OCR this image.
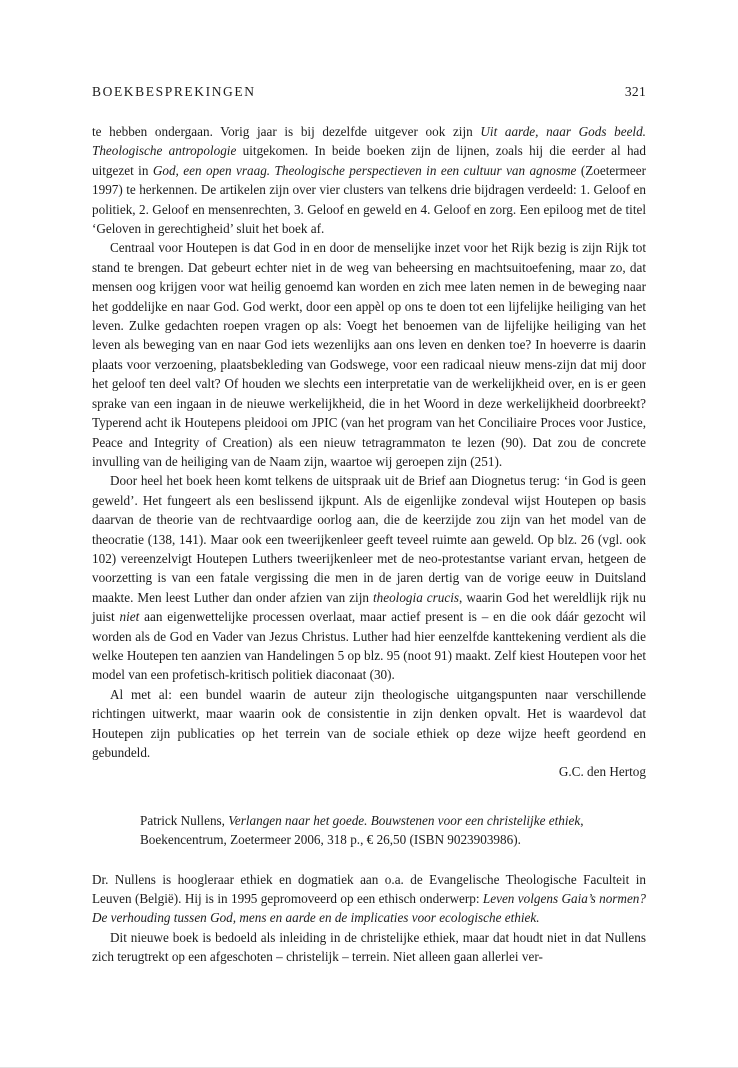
BOEKBESPREKINGEN	321

te hebben ondergaan. Vorig jaar is bij dezelfde uitgever ook zijn Uit aarde, naar Gods beeld. Theologische antropologie uitgekomen. In beide boeken zijn de lijnen, zoals hij die eerder al had uitgezet in God, een open vraag. Theologische perspectieven in een cultuur van agnosme (Zoetermeer 1997) te herkennen. De artikelen zijn over vier clusters van telkens drie bijdragen verdeeld: 1. Geloof en politiek, 2. Geloof en mensenrechten, 3. Geloof en geweld en 4. Geloof en zorg. Een epiloog met de titel ‘Geloven in gerechtigheid’ sluit het boek af.

Centraal voor Houtepen is dat God in en door de menselijke inzet voor het Rijk bezig is zijn Rijk tot stand te brengen. Dat gebeurt echter niet in de weg van beheersing en machtsuitoefening, maar zo, dat mensen oog krijgen voor wat heilig genoemd kan worden en zich mee laten nemen in de beweging naar het goddelijke en naar God. God werkt, door een appèl op ons te doen tot een lijfelijke heiliging van het leven. Zulke gedachten roepen vragen op als: Voegt het benoemen van de lijfelijke heiliging van het leven als beweging van en naar God iets wezenlijks aan ons leven en denken toe? In hoeverre is daarin plaats voor verzoening, plaatsbekleding van Godswege, voor een radicaal nieuw mens-zijn dat mij door het geloof ten deel valt? Of houden we slechts een interpretatie van de werkelijkheid over, en is er geen sprake van een ingaan in de nieuwe werkelijkheid, die in het Woord in deze werkelijkheid doorbreekt? Typerend acht ik Houtepens pleidooi om JPIC (van het program van het Conciliaire Proces voor Justice, Peace and Integrity of Creation) als een nieuw tetragrammaton te lezen (90). Dat zou de concrete invulling van de heiliging van de Naam zijn, waartoe wij geroepen zijn (251).

Door heel het boek heen komt telkens de uitspraak uit de Brief aan Diognetus terug: ‘in God is geen geweld’. Het fungeert als een beslissend ijkpunt. Als de eigenlijke zondeval wijst Houtepen op basis daarvan de theorie van de rechtvaardige oorlog aan, die de keerzijde zou zijn van het model van de theocratie (138, 141). Maar ook een tweerijkenleer geeft teveel ruimte aan geweld. Op blz. 26 (vgl. ook 102) vereenzelvigt Houtepen Luthers tweerijkenleer met de neo-protestantse variant ervan, hetgeen de voorzetting is van een fatale vergissing die men in de jaren dertig van de vorige eeuw in Duitsland maakte. Men leest Luther dan onder afzien van zijn theologia crucis, waarin God het wereldlijk rijk nu juist niet aan eigenwettelijke processen overlaat, maar actief present is – en die ook dáár gezocht wil worden als de God en Vader van Jezus Christus. Luther had hier eenzelfde kanttekening verdient als die welke Houtepen ten aanzien van Handelingen 5 op blz. 95 (noot 91) maakt. Zelf kiest Houtepen voor het model van een profetisch-kritisch politiek diaconaat (30).

Al met al: een bundel waarin de auteur zijn theologische uitgangspunten naar verschillende richtingen uitwerkt, maar waarin ook de consistentie in zijn denken opvalt. Het is waardevol dat Houtepen zijn publicaties op het terrein van de sociale ethiek op deze wijze heeft geordend en gebundeld.

G.C. den Hertog

Patrick Nullens, Verlangen naar het goede. Bouwstenen voor een christelijke ethiek, Boekencentrum, Zoetermeer 2006, 318 p., € 26,50 (ISBN 9023903986).

Dr. Nullens is hoogleraar ethiek en dogmatiek aan o.a. de Evangelische Theologische Faculteit in Leuven (België). Hij is in 1995 gepromoveerd op een ethisch onderwerp: Leven volgens Gaia’s normen? De verhouding tussen God, mens en aarde en de implicaties voor ecologische ethiek.

Dit nieuwe boek is bedoeld als inleiding in de christelijke ethiek, maar dat houdt niet in dat Nullens zich terugtrekt op een afgeschoten – christelijk – terrein. Niet alleen gaan allerlei ver-
